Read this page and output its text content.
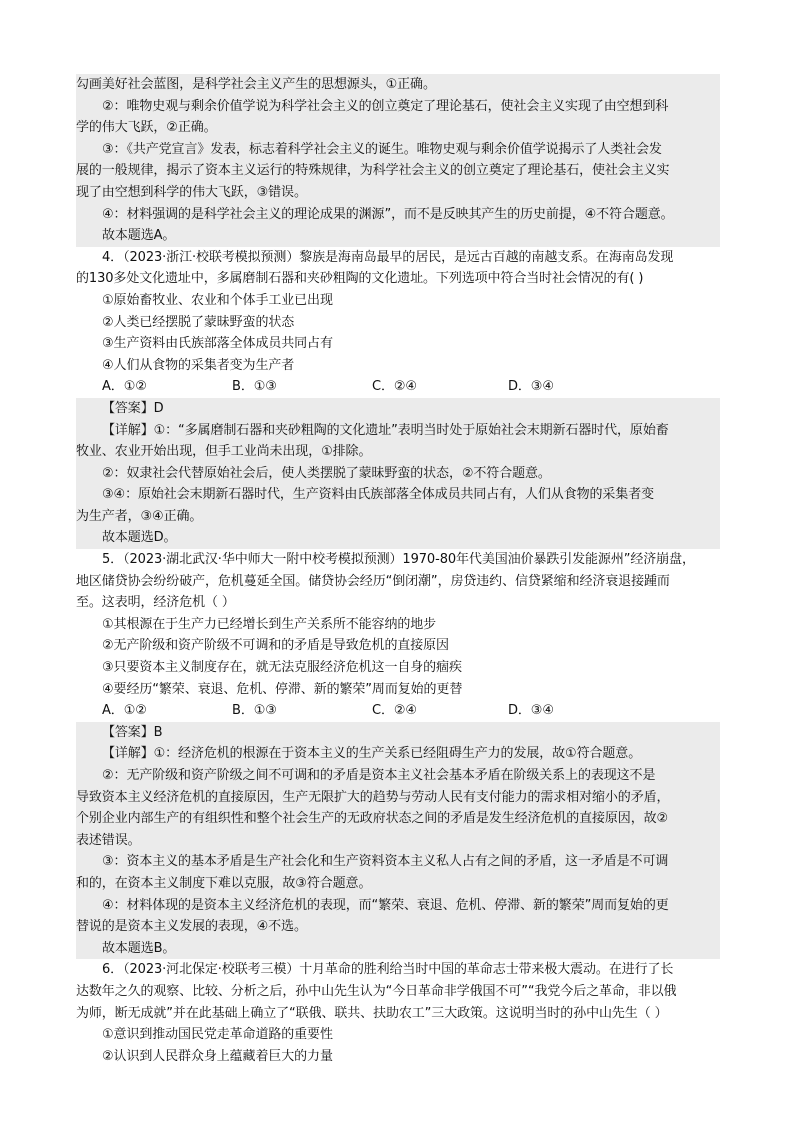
勾画美好社会蓝图，是科学社会主义产生的思想源头，①正确。
②：唯物史观与剩余价值学说为科学社会主义的创立奠定了理论基石，使社会主义实现了由空想到科
学的伟大飞跃，②正确。
③：《共产党宣言》发表，标志着科学社会主义的诞生。唯物史观与剩余价值学说揭示了人类社会发
展的一般规律，揭示了资本主义运行的特殊规律，为科学社会主义的创立奠定了理论基石，使社会主义实
现了由空想到科学的伟大飞跃，③错误。
④：材料强调的是科学社会主义的理论成果的渊源”，而不是反映其产生的历史前提，④不符合题意。
故本题选A。
4．（2023·浙江·校联考模拟预测）黎族是海南岛最早的居民，是远古百越的南越支系。在海南岛发现
的130多处文化遗址中，多属磨制石器和夹砂粗陶的文化遗址。下列选项中符合当时社会情况的有( )
①原始畜牧业、农业和个体手工业已出现
②人类已经摆脱了蒙昧野蛮的状态
③生产资料由氏族部落全体成员共同占有
④人们从食物的采集者变为生产者
A．①②	B．①③	C．②④	D．③④
【答案】D
【详解】①：“多属磨制石器和夹砂粗陶的文化遗址”表明当时处于原始社会末期新石器时代，原始畜
牧业、农业开始出现，但手工业尚未出现，①排除。
②：奴隶社会代替原始社会后，使人类摆脱了蒙昧野蛮的状态，②不符合题意。
③④：原始社会末期新石器时代，生产资料由氏族部落全体成员共同占有，人们从食物的采集者变
为生产者，③④正确。
故本题选D。
5．（2023·湖北武汉·华中师大一附中校考模拟预测）1970-80年代美国油价暴跌引发能源州”经济崩盘，
地区储贷协会纷纷破产，危机蔓延全国。储贷协会经历“倒闭潮”，房贷违约、信贷紧缩和经济衰退接踵而
至。这表明，经济危机（ ）
①其根源在于生产力已经增长到生产关系所不能容纳的地步
②无产阶级和资产阶级不可调和的矛盾是导致危机的直接原因
③只要资本主义制度存在，就无法克服经济危机这一自身的痼疾
④要经历“繁荣、衰退、危机、停滞、新的繁荣”周而复始的更替
A．①②	B．①③	C．②④	D．③④
【答案】B
【详解】①：经济危机的根源在于资本主义的生产关系已经阻碍生产力的发展，故①符合题意。
②：无产阶级和资产阶级之间不可调和的矛盾是资本主义社会基本矛盾在阶级关系上的表现这不是
导致资本主义经济危机的直接原因，生产无限扩大的趋势与劳动人民有支付能力的需求相对缩小的矛盾，
个别企业内部生产的有组织性和整个社会生产的无政府状态之间的矛盾是发生经济危机的直接原因，故②
表述错误。
③：资本主义的基本矛盾是生产社会化和生产资料资本主义私人占有之间的矛盾，这一矛盾是不可调
和的，在资本主义制度下难以克服，故③符合题意。
④：材料体现的是资本主义经济危机的表现，而“繁荣、衰退、危机、停滞、新的繁荣”周而复始的更
替说的是资本主义发展的表现，④不选。
故本题选B。
6．（2023·河北保定·校联考三模）十月革命的胜利给当时中国的革命志士带来极大震动。在进行了长
达数年之久的观察、比较、分析之后，孙中山先生认为“今日革命非学俄国不可”“我党今后之革命，非以俄
为师，断无成就”并在此基础上确立了“联俄、联共、扶助农工”三大政策。这说明当时的孙中山先生（ ）
①意识到推动国民党走革命道路的重要性
②认识到人民群众身上蕴藏着巨大的力量
